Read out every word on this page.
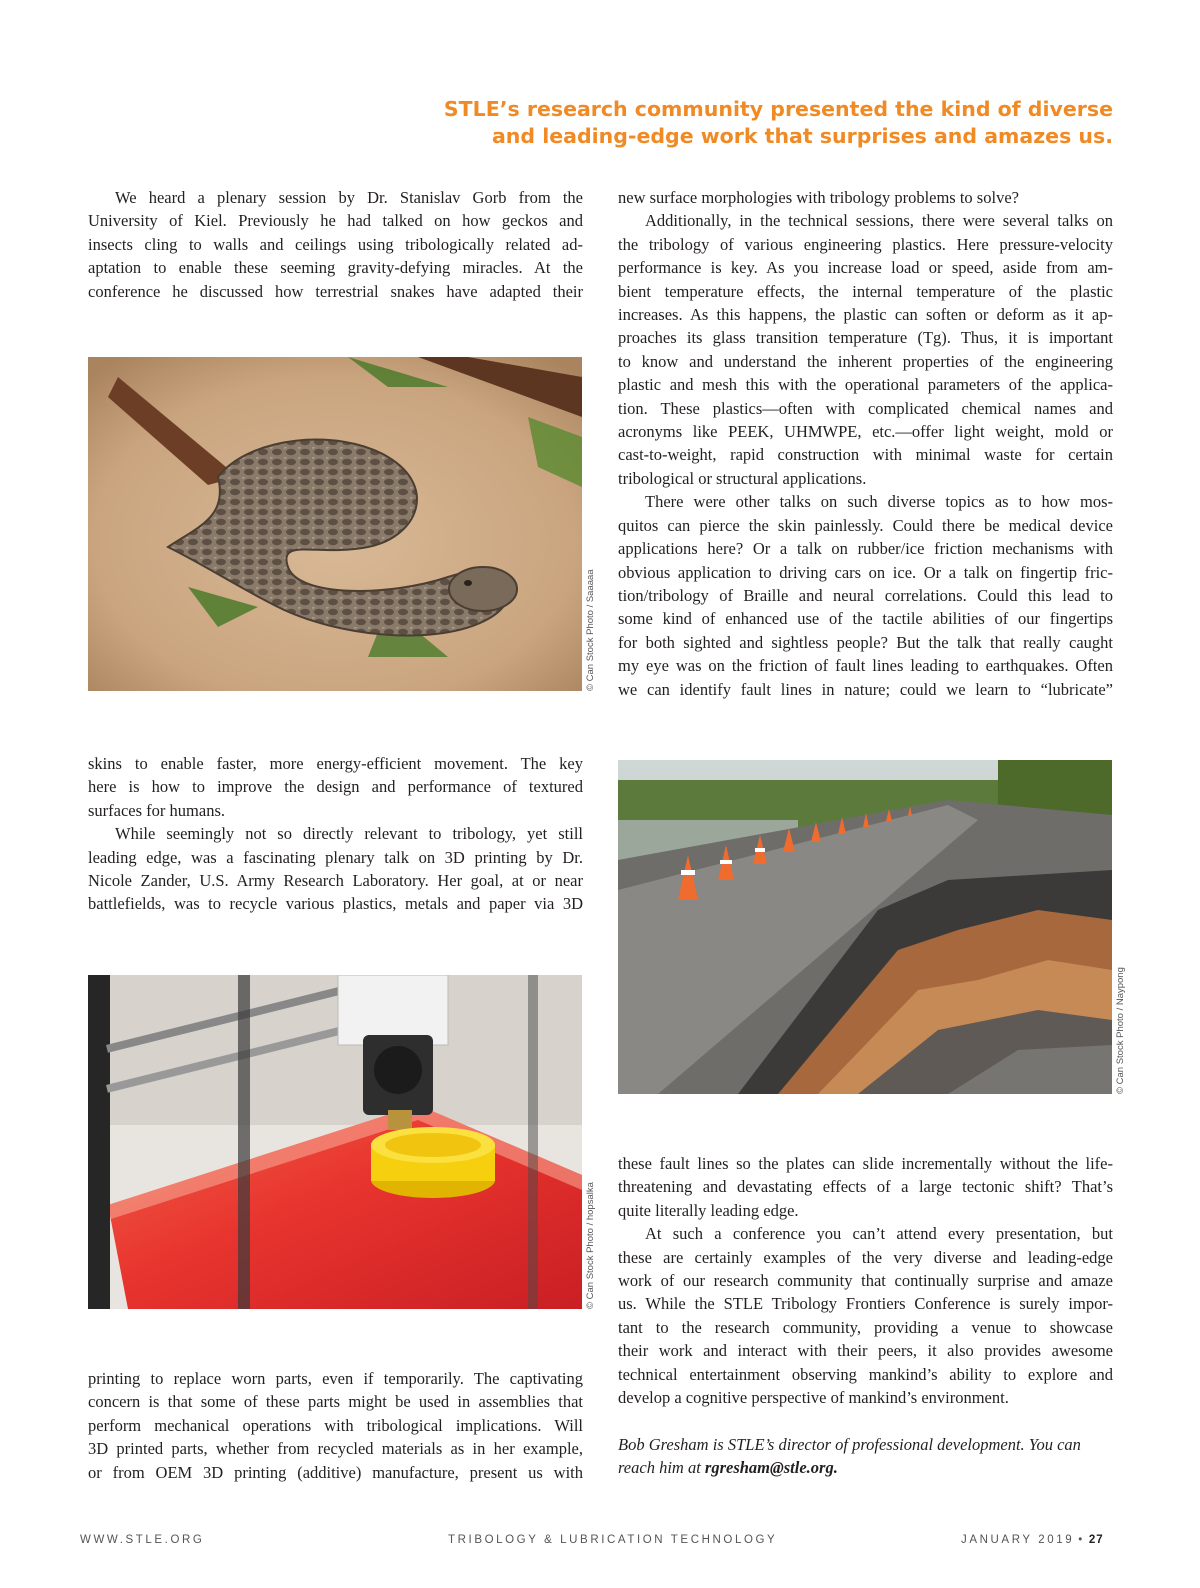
STLE’s research community presented the kind of diverse
and leading-edge work that surprises and amazes us.
We heard a plenary session by Dr. Stanislav Gorb from the
University of Kiel. Previously he had talked on how geckos and
insects cling to walls and ceilings using tribologically related ad-
aptation to enable these seeming gravity-defying miracles. At the
conference he discussed how terrestrial snakes have adapted their
© Can Stock Photo / Saaaaa
skins to enable faster, more energy-efficient movement. The key
here is how to improve the design and performance of textured
surfaces for humans.
While seemingly not so directly relevant to tribology, yet still
leading edge, was a fascinating plenary talk on 3D printing by Dr.
Nicole Zander, U.S. Army Research Laboratory. Her goal, at or near
battlefields, was to recycle various plastics, metals and paper via 3D
© Can Stock Photo / hopsalka
printing to replace worn parts, even if temporarily. The captivating
concern is that some of these parts might be used in assemblies that
perform mechanical operations with tribological implications. Will
3D printed parts, whether from recycled materials as in her example,
or from OEM 3D printing (additive) manufacture, present us with
new surface morphologies with tribology problems to solve?
Additionally, in the technical sessions, there were several talks on
the tribology of various engineering plastics. Here pressure-velocity
performance is key. As you increase load or speed, aside from am-
bient temperature effects, the internal temperature of the plastic
increases. As this happens, the plastic can soften or deform as it ap-
proaches its glass transition temperature (Tg). Thus, it is important
to know and understand the inherent properties of the engineering
plastic and mesh this with the operational parameters of the applica-
tion. These plastics—often with complicated chemical names and
acronyms like PEEK, UHMWPE, etc.—offer light weight, mold or
cast-to-weight, rapid construction with minimal waste for certain
tribological or structural applications.
There were other talks on such diverse topics as to how mos-
quitos can pierce the skin painlessly. Could there be medical device
applications here? Or a talk on rubber/ice friction mechanisms with
obvious application to driving cars on ice. Or a talk on fingertip fric-
tion/tribology of Braille and neural correlations. Could this lead to
some kind of enhanced use of the tactile abilities of our fingertips
for both sighted and sightless people? But the talk that really caught
my eye was on the friction of fault lines leading to earthquakes. Often
we can identify fault lines in nature; could we learn to “lubricate”
© Can Stock Photo / Naypong
these fault lines so the plates can slide incrementally without the life-
threatening and devastating effects of a large tectonic shift? That’s
quite literally leading edge.
At such a conference you can’t attend every presentation, but
these are certainly examples of the very diverse and leading-edge
work of our research community that continually surprise and amaze
us. While the STLE Tribology Frontiers Conference is surely impor-
tant to the research community, providing a venue to showcase
their work and interact with their peers, it also provides awesome
technical entertainment observing mankind’s ability to explore and
develop a cognitive perspective of mankind’s environment.
Bob Gresham is STLE’s director of professional development. You can
reach him at rgresham@stle.org.
WWW.STLE.ORG	TRIBOLOGY & LUBRICATION TECHNOLOGY	JANUARY 2019 • 27
